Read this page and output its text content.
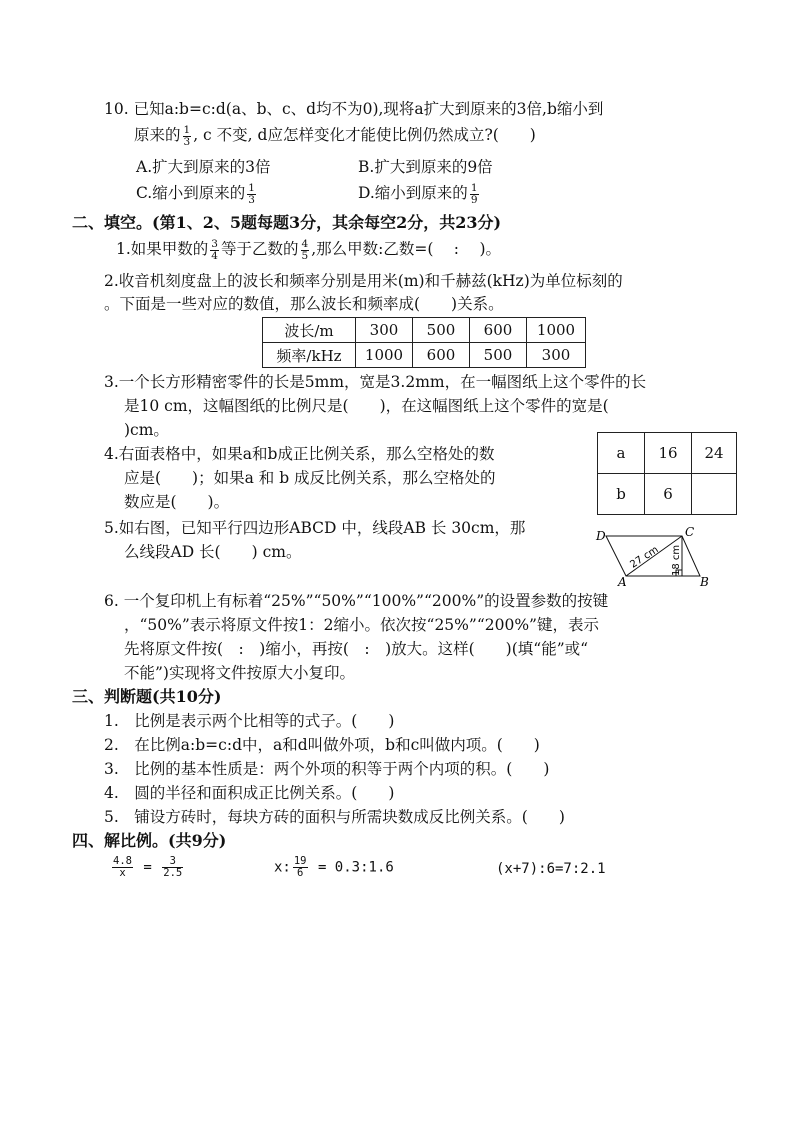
10. 已知a:b=c:d(a、b、c、d均不为0),现将a扩大到原来的3倍,b缩小到
原来的 $\frac{1}{3}$ , c 不变, d应怎样变化才能使比例仍然成立?(　　)
A.扩大到原来的3倍	B.扩大到原来的9倍
C.缩小到原来的 $\frac{1}{3}$	D.缩小到原来的 $\frac{1}{9}$
二、填空。(第1、2、5题每题3分，其余每空2分，共23分)
1.如果甲数的 $\frac{3}{4}$ 等于乙数的 $\frac{4}{5}$ ,那么甲数:乙数=(　 :　 )。
2.收音机刻度盘上的波长和频率分别是用米(m)和千赫兹(kHz)为单位标刻的
。下面是一些对应的数值，那么波长和频率成(　　)关系。
波长/m	300	500	600	1000
频率/kHz	1000	600	500	300
3.一个长方形精密零件的长是5mm，宽是3.2mm，在一幅图纸上这个零件的长
是10 cm，这幅图纸的比例尺是(　　)，在这幅图纸上这个零件的宽是(
)cm。
4.右面表格中，如果a和b成正比例关系，那么空格处的数
应是(　　)；如果a 和 b 成反比例关系，那么空格处的
数应是(　　)。
a	16	24
b	6	
5.如右图，已知平行四边形ABCD 中，线段AB 长 30cm，那
么线段AD 长(　　) cm。
D	C
A	B
27 cm 18 cm
6. 一个复印机上有标着“25%”“50%”“100%”“200%”的设置参数的按键
，“50%”表示将原文件按1：2缩小。依次按“25%”“200%”键，表示
先将原文件按(　:　)缩小，再按(　:　)放大。这样(　　)(填“能”或“
不能”)实现将文件按原大小复印。
三、判断题(共10分)
1.　比例是表示两个比相等的式子。(　　)
2.　在比例a:b=c:d中，a和d叫做外项，b和c叫做内项。(　　)
3.　比例的基本性质是：两个外项的积等于两个内项的积。(　　)
4.　圆的半径和面积成正比例关系。(　　)
5.　铺设方砖时，每块方砖的面积与所需块数成反比例关系。(　　)
四、解比例。(共9分)
$\frac{4.8}{x} = \frac{3}{2.5}$	x: $\frac{19}{6}$ = 0.3:1.6	(x+7):6=7:2.1
